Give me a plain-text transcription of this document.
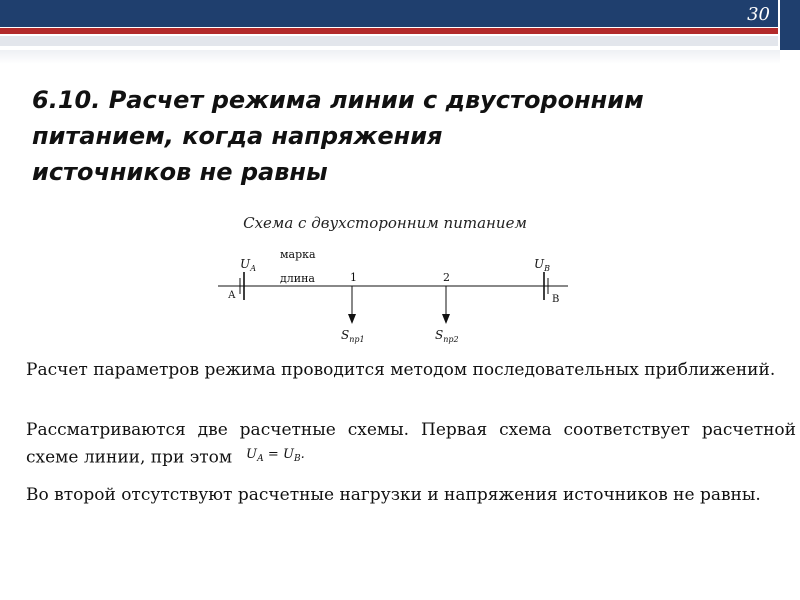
30
6.10. Расчет режима линии с двусторонним
питанием, когда напряжения
источников не равны
Схема с двухсторонним питанием
$U_А$
А
$U_В$
В
марка
длина	1	2
$S_{пр1}$	$S_{пр2}$
Расчет параметров режима проводится методом последовательных приближений.
Рассматриваются две расчетные схемы. Первая схема соответствует расчетной схеме линии, при этом $U_А = U_В$.
Во второй отсутствуют расчетные нагрузки и напряжения источников не равны.
